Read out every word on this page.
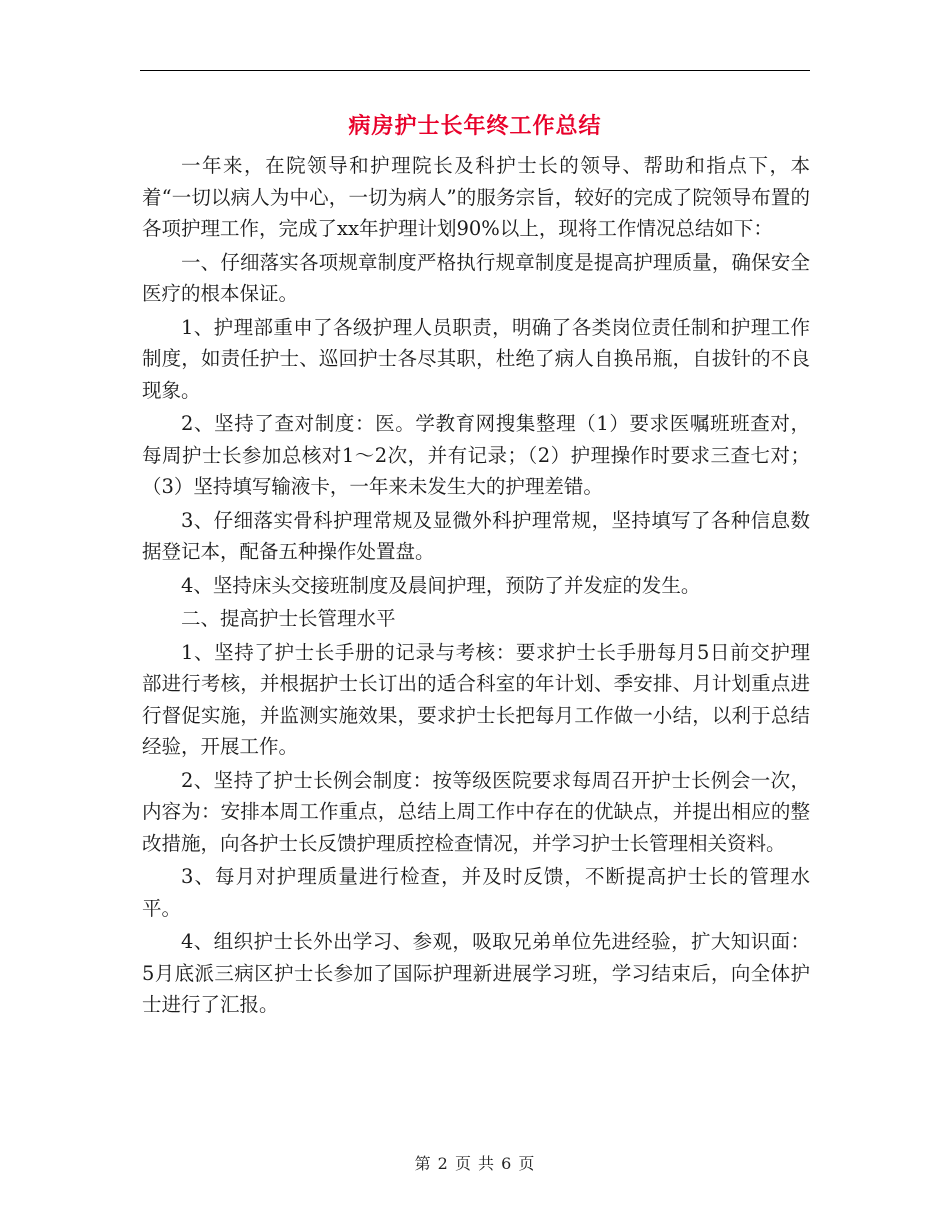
病房护士长年终工作总结

一年来，在院领导和护理院长及科护士长的领导、帮助和指点下，本着“一切以病人为中心，一切为病人”的服务宗旨，较好的完成了院领导布置的各项护理工作，完成了xx年护理计划90%以上，现将工作情况总结如下：

一、仔细落实各项规章制度严格执行规章制度是提高护理质量，确保安全医疗的根本保证。

1、护理部重申了各级护理人员职责，明确了各类岗位责任制和护理工作制度，如责任护士、巡回护士各尽其职，杜绝了病人自换吊瓶，自拔针的不良现象。

2、坚持了查对制度：医。学教育网搜集整理（1）要求医嘱班班查对，每周护士长参加总核对1～2次，并有记录；（2）护理操作时要求三查七对；（3）坚持填写输液卡，一年来未发生大的护理差错。

3、仔细落实骨科护理常规及显微外科护理常规，坚持填写了各种信息数据登记本，配备五种操作处置盘。

4、坚持床头交接班制度及晨间护理，预防了并发症的发生。

二、提高护士长管理水平

1、坚持了护士长手册的记录与考核：要求护士长手册每月5日前交护理部进行考核，并根据护士长订出的适合科室的年计划、季安排、月计划重点进行督促实施，并监测实施效果，要求护士长把每月工作做一小结，以利于总结经验，开展工作。

2、坚持了护士长例会制度：按等级医院要求每周召开护士长例会一次，内容为：安排本周工作重点，总结上周工作中存在的优缺点，并提出相应的整改措施，向各护士长反馈护理质控检查情况，并学习护士长管理相关资料。

3、每月对护理质量进行检查，并及时反馈，不断提高护士长的管理水平。

4、组织护士长外出学习、参观，吸取兄弟单位先进经验，扩大知识面：5月底派三病区护士长参加了国际护理新进展学习班，学习结束后，向全体护士进行了汇报。

第 2 页 共 6 页
